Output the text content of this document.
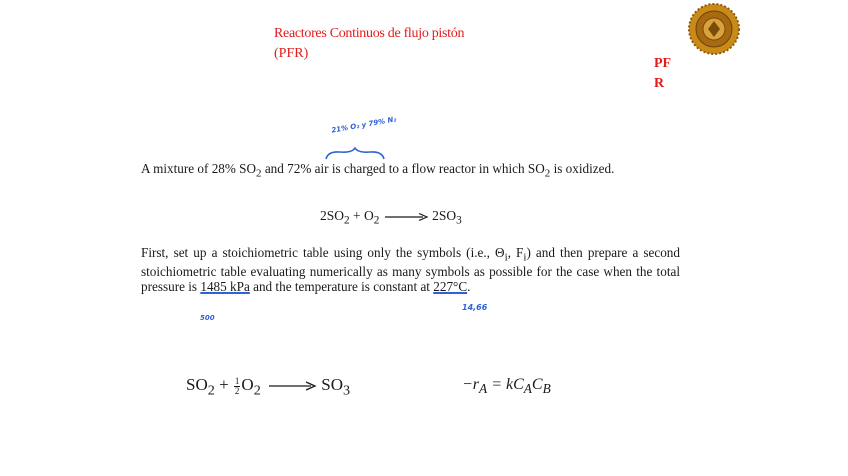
Reactores Continuos de flujo pistón
(PFR)
PF
R
21% O₂ y 79% N₂
14,66
500
A mixture of 28% $SO_2$ and 72% air is charged to a flow reactor in which $SO_2$ is oxidized.
$2SO_2 + O_2$	$2SO_3$
First, set up a stoichiometric table using only the symbols (i.e., $\Theta_i$, $F_i$) and then prepare a second stoichiometric table evaluating numerically as many symbols as possible for the case when the total pressure is 1485 kPa and the temperature is constant at 227°C.
$SO_2 + \frac{1}{2} O_2$	$SO_3$	$-r_A = kC_AC_B$
